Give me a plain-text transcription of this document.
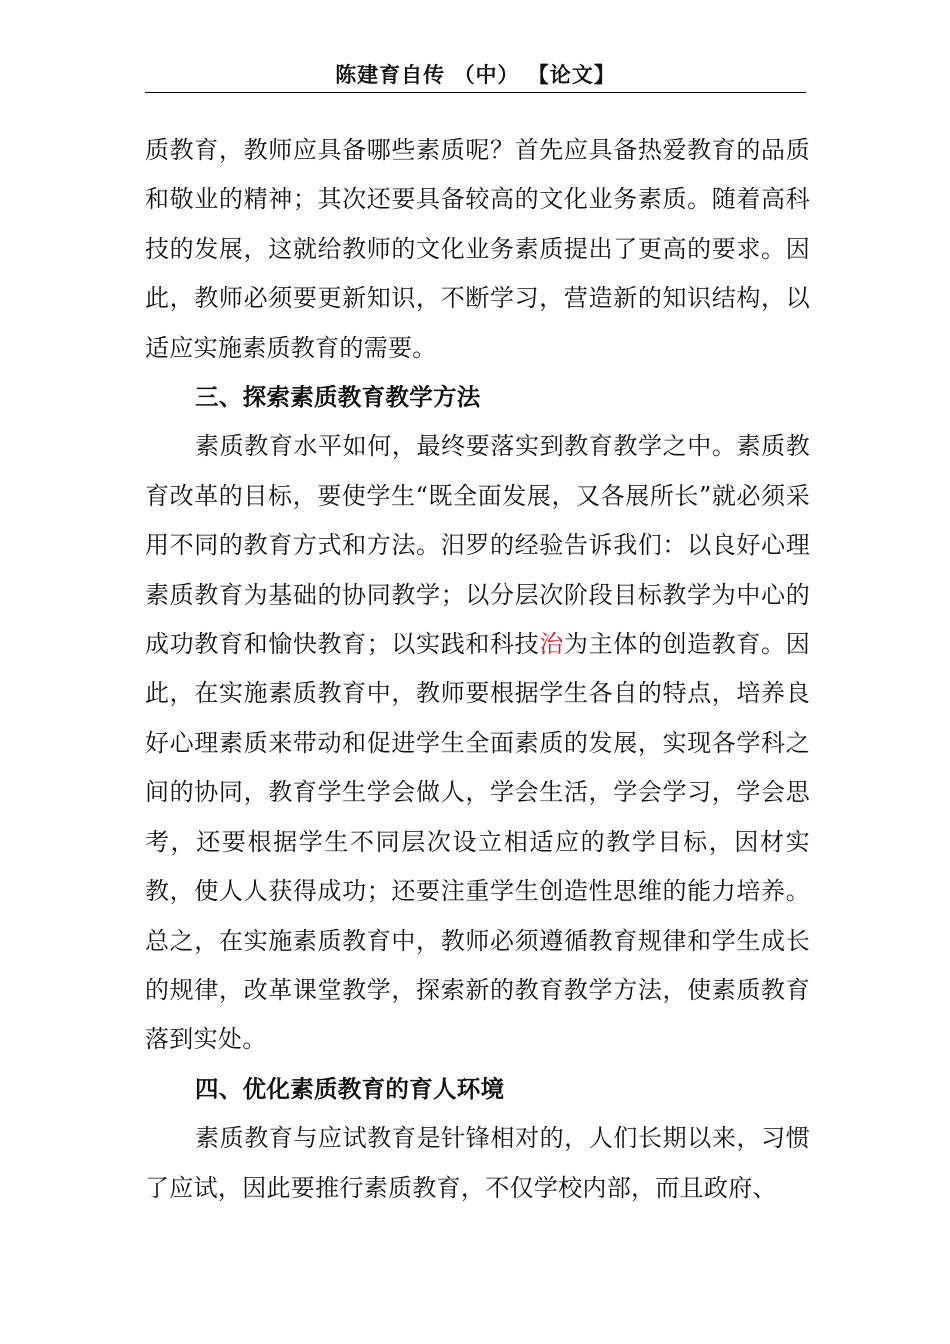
陈建育自传 （中） 【论文】

质教育，教师应具备哪些素质呢？首先应具备热爱教育的品质和敬业的精神；其次还要具备较高的文化业务素质。随着高科技的发展，这就给教师的文化业务素质提出了更高的要求。因此，教师必须要更新知识，不断学习，营造新的知识结构，以适应实施素质教育的需要。

三、探索素质教育教学方法

素质教育水平如何，最终要落实到教育教学之中。素质教育改革的目标，要使学生“既全面发展，又各展所长”就必须采用不同的教育方式和方法。汨罗的经验告诉我们：以良好心理素质教育为基础的协同教学；以分层次阶段目标教学为中心的成功教育和愉快教育；以实践和科技治为主体的创造教育。因此，在实施素质教育中，教师要根据学生各自的特点，培养良好心理素质来带动和促进学生全面素质的发展，实现各学科之间的协同，教育学生学会做人，学会生活，学会学习，学会思考，还要根据学生不同层次设立相适应的教学目标，因材实教，使人人获得成功；还要注重学生创造性思维的能力培养。总之，在实施素质教育中，教师必须遵循教育规律和学生成长的规律，改革课堂教学，探索新的教育教学方法，使素质教育落到实处。

四、优化素质教育的育人环境

素质教育与应试教育是针锋相对的，人们长期以来，习惯了应试，因此要推行素质教育，不仅学校内部，而且政府、
